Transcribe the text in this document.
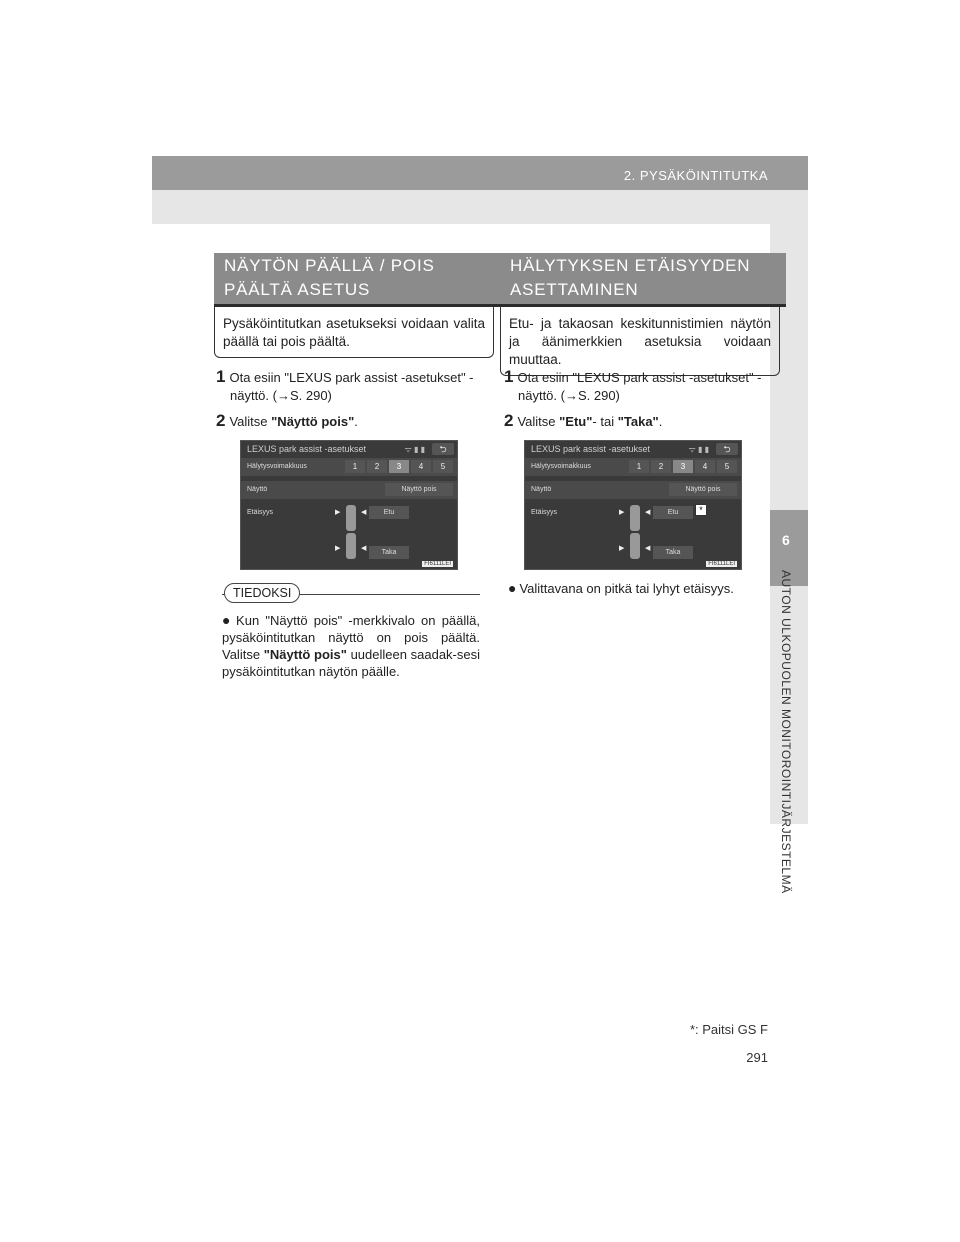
2. PYSÄKÖINTITUTKA
6
AUTON ULKOPUOLEN MONITOROINTIJÄRJESTELMÄ
NÄYTÖN PÄÄLLÄ / POIS
PÄÄLTÄ ASETUS
Pysäköintitutkan asetukseksi voidaan valita päällä tai pois päältä.
1 Ota esiin "LEXUS park assist -asetukset" -
näyttö. (→S. 290)
2 Valitse "Näyttö pois".
LEXUS park assist -asetukset	ᯤ ▮ ▮	⮌
Hälytysvoimakkuus	1	2	3	4	5
Näyttö	Näyttö pois
Etäisyys	▶	◀	Etu
▶	◀
Taka
FI6111LEI
TIEDOKSI
● Kun "Näyttö pois" -merkkivalo on päällä, pysäköintitutkan näyttö on pois päältä. Valitse "Näyttö pois" uudelleen saadak-sesi pysäköintitutkan näytön päälle.
HÄLYTYKSEN ETÄISYYDEN
ASETTAMINEN
Etu- ja takaosan keskitunnistimien näytön ja äänimerkkien asetuksia voidaan muuttaa.
1 Ota esiin "LEXUS park assist -asetukset" -
näyttö. (→S. 290)
2 Valitse "Etu"- tai "Taka".
LEXUS park assist -asetukset	ᯤ ▮ ▮	⮌
Hälytysvoimakkuus	1	2	3	4	5
Näyttö	Näyttö pois
Etäisyys	▶	◀	Etu	*
▶	◀
Taka
FI6111LEI
● Valittavana on pitkä tai lyhyt etäisyys.
*: Paitsi GS F
291
